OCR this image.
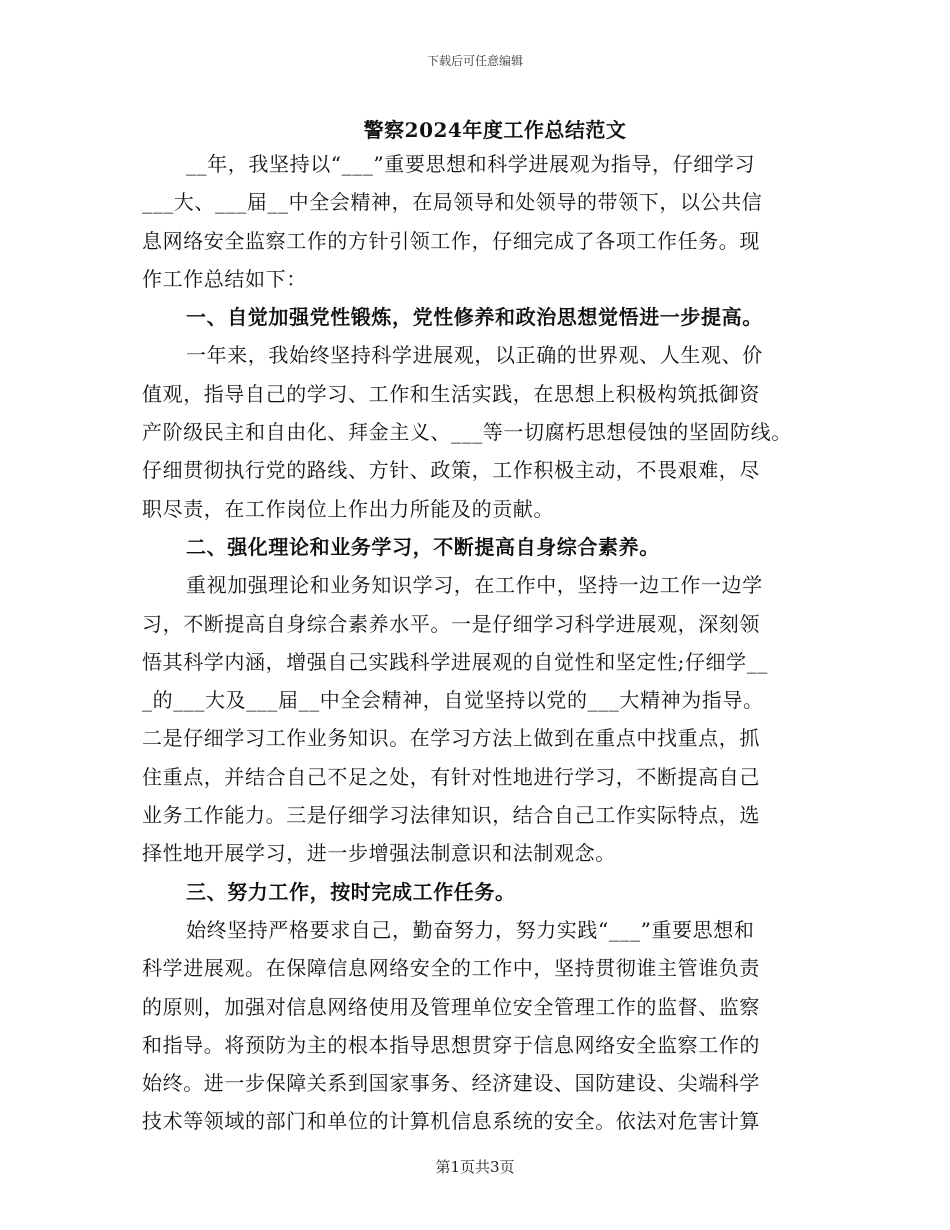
下载后可任意编辑
警察2024年度工作总结范文
__年，我坚持以“___”重要思想和科学进展观为指导，仔细学习
___大、___届__中全会精神，在局领导和处领导的带领下，以公共信
息网络安全监察工作的方针引领工作，仔细完成了各项工作任务。现
作工作总结如下：
一、自觉加强党性锻炼，党性修养和政治思想觉悟进一步提高。
一年来，我始终坚持科学进展观，以正确的世界观、人生观、价
值观，指导自己的学习、工作和生活实践，在思想上积极构筑抵御资
产阶级民主和自由化、拜金主义、___等一切腐朽思想侵蚀的坚固防线。
仔细贯彻执行党的路线、方针、政策，工作积极主动，不畏艰难，尽
职尽责，在工作岗位上作出力所能及的贡献。
二、强化理论和业务学习，不断提高自身综合素养。
重视加强理论和业务知识学习，在工作中，坚持一边工作一边学
习，不断提高自身综合素养水平。一是仔细学习科学进展观，深刻领
悟其科学内涵，增强自己实践科学进展观的自觉性和坚定性;仔细学__
_的___大及___届__中全会精神，自觉坚持以党的___大精神为指导。
二是仔细学习工作业务知识。在学习方法上做到在重点中找重点，抓
住重点，并结合自己不足之处，有针对性地进行学习，不断提高自己
业务工作能力。三是仔细学习法律知识，结合自己工作实际特点，选
择性地开展学习，进一步增强法制意识和法制观念。
三、努力工作，按时完成工作任务。
始终坚持严格要求自己，勤奋努力，努力实践“___”重要思想和
科学进展观。在保障信息网络安全的工作中，坚持贯彻谁主管谁负责
的原则，加强对信息网络使用及管理单位安全管理工作的监督、监察
和指导。将预防为主的根本指导思想贯穿于信息网络安全监察工作的
始终。进一步保障关系到国家事务、经济建设、国防建设、尖端科学
技术等领域的部门和单位的计算机信息系统的安全。依法对危害计算
第1页共3页
